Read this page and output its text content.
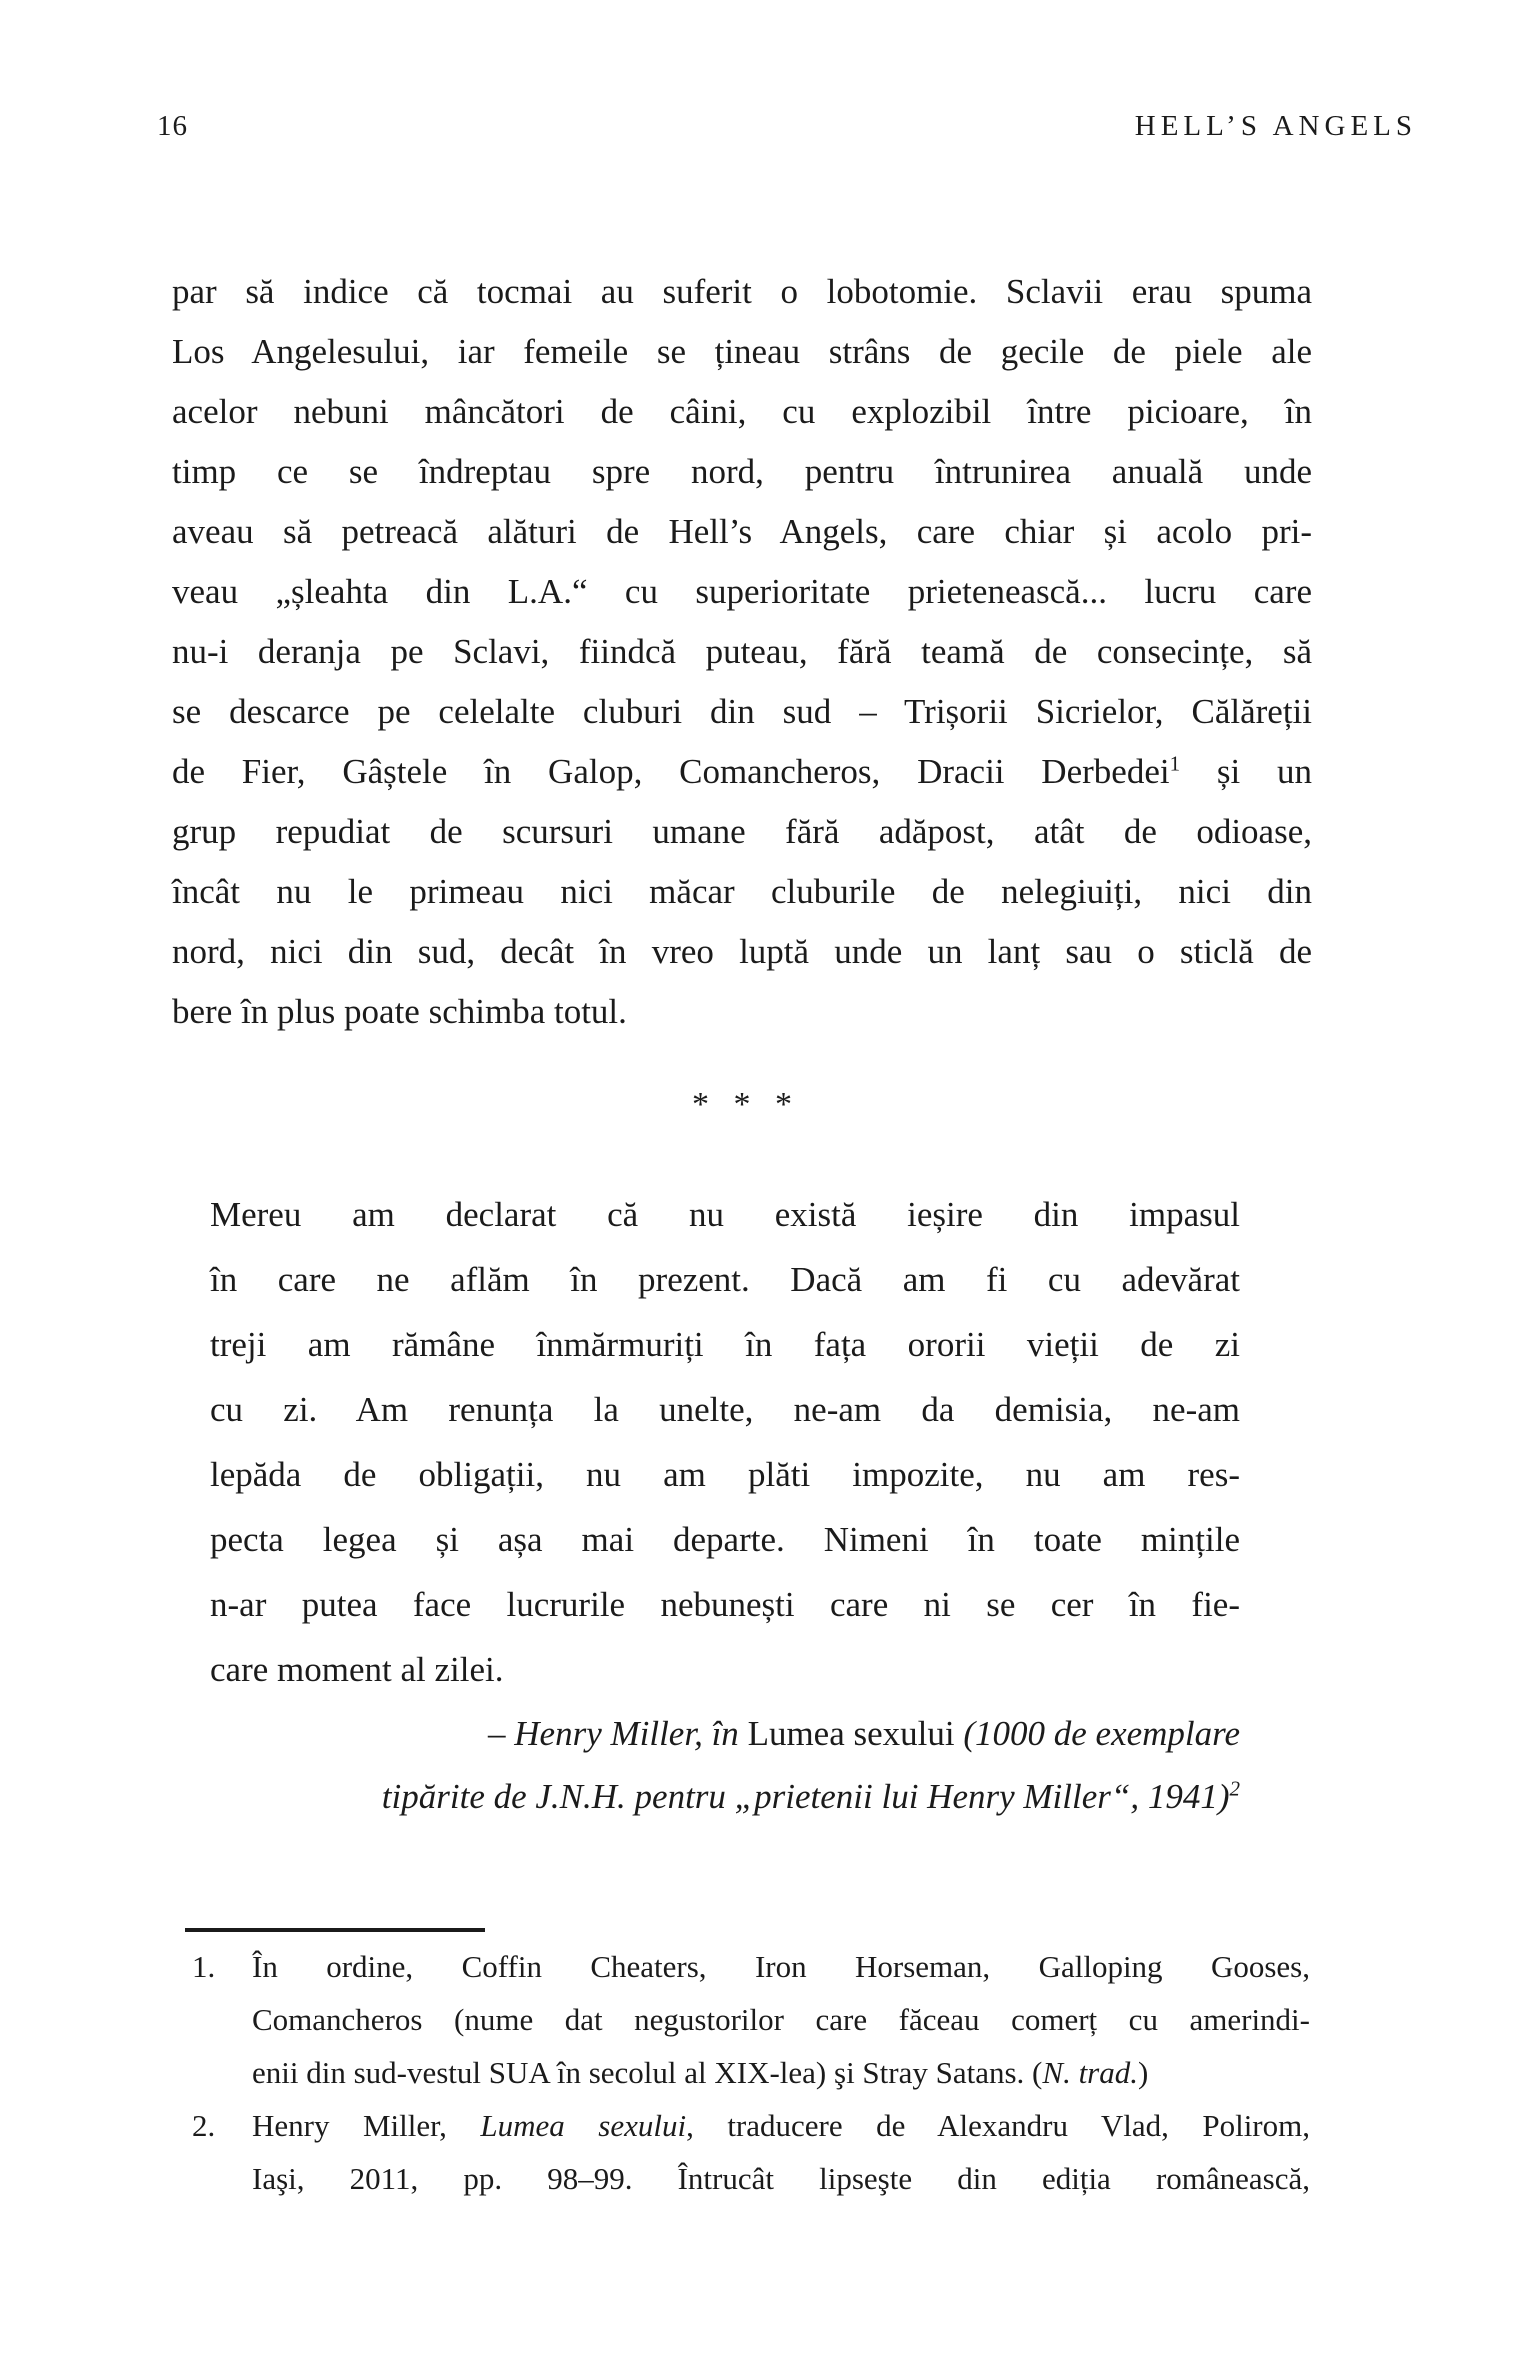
16	HELL’S ANGELS
par să indice că tocmai au suferit o lobotomie. Sclavii erau spuma
Los Angelesului, iar femeile se țineau strâns de gecile de piele ale
acelor nebuni mâncători de câini, cu explozibil între picioare, în
timp ce se îndreptau spre nord, pentru întrunirea anuală unde
aveau să petreacă alături de Hell’s Angels, care chiar și acolo pri-
veau „șleahta din L.A.“ cu superioritate prietenească... lucru care
nu-i deranja pe Sclavi, fiindcă puteau, fără teamă de consecințe, să
se descarce pe celelalte cluburi din sud – Trișorii Sicrielor, Călăreții
de Fier, Gâștele în Galop, Comancheros, Dracii Derbedei$^1$ și un
grup repudiat de scursuri umane fără adăpost, atât de odioase,
încât nu le primeau nici măcar cluburile de nelegiuiți, nici din
nord, nici din sud, decât în vreo luptă unde un lanț sau o sticlă de
bere în plus poate schimba totul.
* * *
Mereu am declarat că nu există ieșire din impasul
în care ne aflăm în prezent. Dacă am fi cu adevărat
treji am rămâne înmărmuriți în fața ororii vieții de zi
cu zi. Am renunța la unelte, ne-am da demisia, ne-am
lepăda de obligații, nu am plăti impozite, nu am res-
pecta legea și așa mai departe. Nimeni în toate mințile
n-ar putea face lucrurile nebunești care ni se cer în fie-
care moment al zilei.
– Henry Miller, în Lumea sexului (1000 de exemplare
tipărite de J.N.H. pentru „prietenii lui Henry Miller“, 1941)$^2$
1.	În ordine, Coffin Cheaters, Iron Horseman, Galloping Gooses,
Comancheros (nume dat negustorilor care făceau comerț cu amerindi-
enii din sud-vestul SUA în secolul al XIX-lea) şi Stray Satans. (N. trad.)
2.	Henry Miller, Lumea sexului, traducere de Alexandru Vlad, Polirom,
Iaşi, 2011, pp. 98–99. Întrucât lipseşte din ediția românească,
